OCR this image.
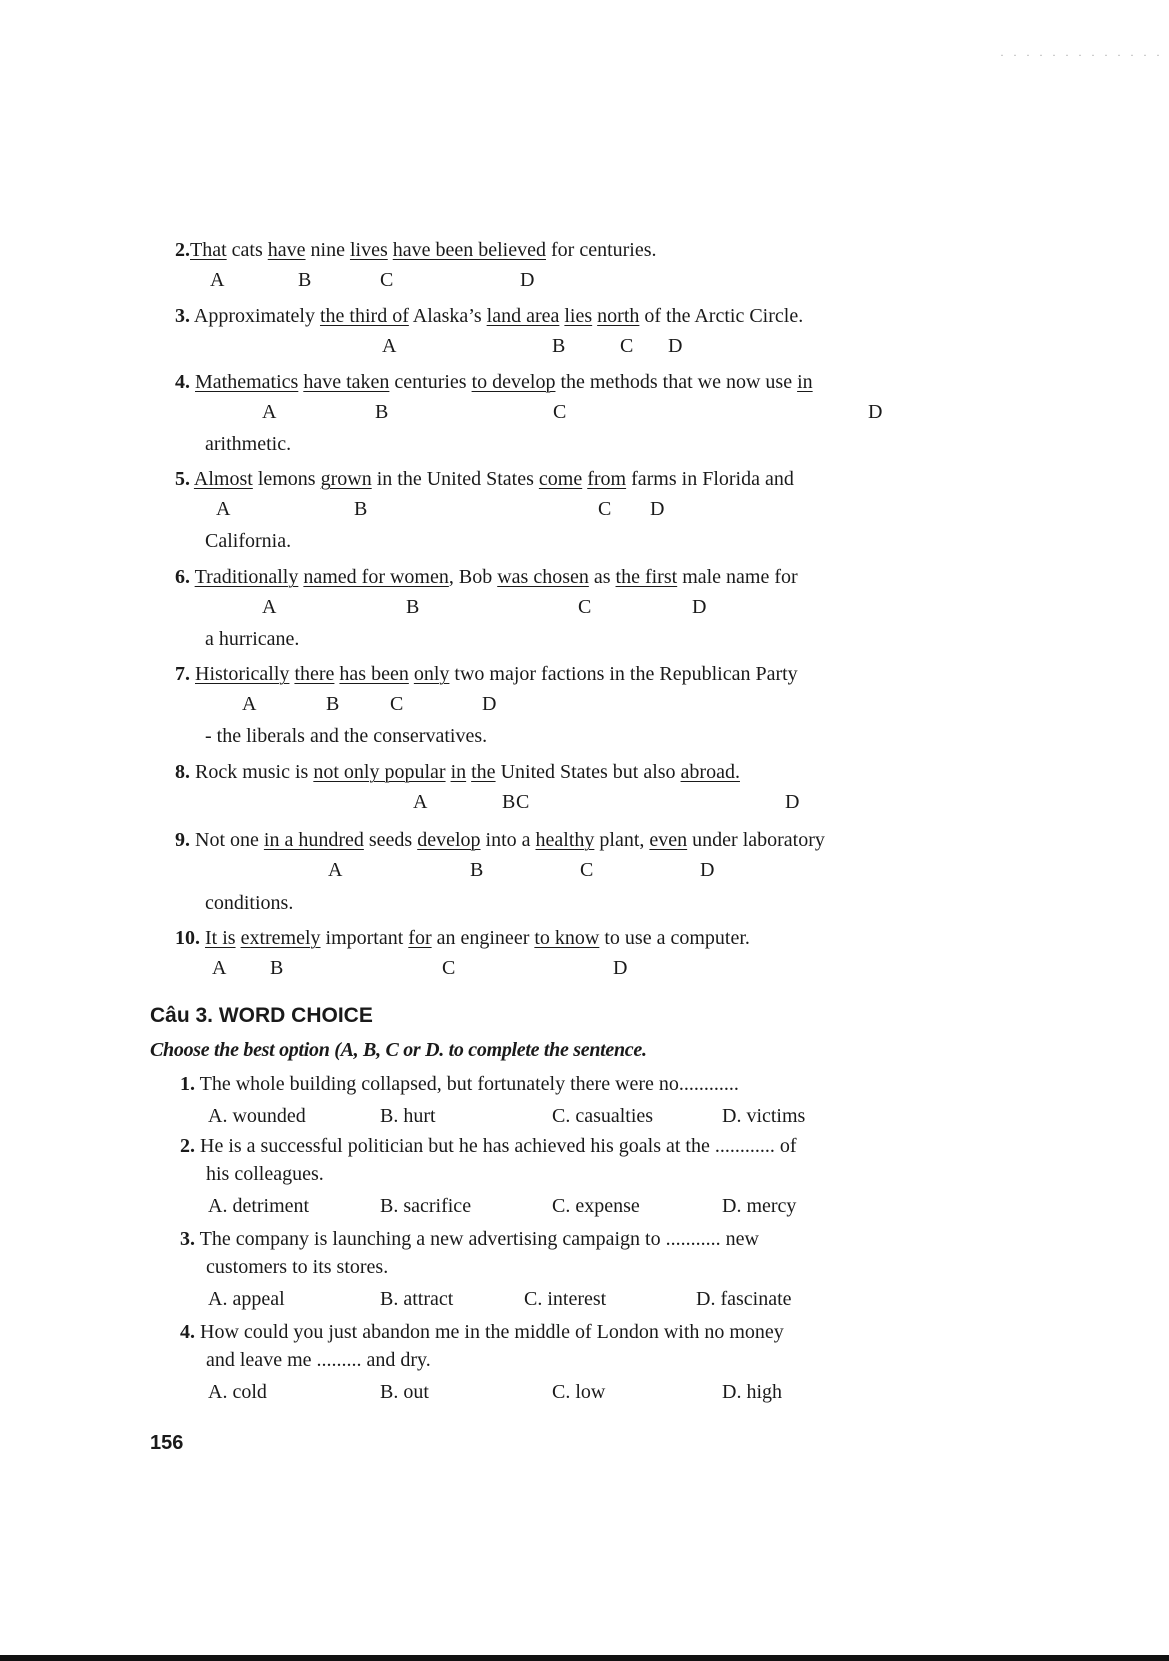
2.That cats have nine lives have been believed for centuries.
A	B	C	D
3. Approximately the third of Alaska’s land area lies north of the Arctic Circle.
A	B	C D
4. Mathematics have taken centuries to develop the methods that we now use in
A	B	C	D
arithmetic.
5. Almost lemons grown in the United States come from farms in Florida and
A	B	C D
California.
6. Traditionally named for women, Bob was chosen as the first male name for
A	B	C	D
a hurricane.
7. Historically there has been only two major factions in the Republican Party
A	B	C	D
- the liberals and the conservatives.
8. Rock music is not only popular in the United States but also abroad.
A	B C	D
9. Not one in a hundred seeds develop into a healthy plant, even under laboratory
A	B	C	D
conditions.
10. It is extremely important for an engineer to know to use a computer.
A B	C	D
Câu 3. WORD CHOICE
Choose the best option (A, B, C or D. to complete the sentence.
1. The whole building collapsed, but fortunately there were no............
A. wounded	B. hurt	C. casualties	D. victims
2. He is a successful politician but he has achieved his goals at the ............ of
his colleagues.
A. detriment	B. sacrifice	C. expense	D. mercy
3. The company is launching a new advertising campaign to ........... new
customers to its stores.
A. appeal	B. attract	C. interest	D. fascinate
4. How could you just abandon me in the middle of London with no money
and leave me ......... and dry.
A. cold	B. out	C. low	D. high
156
· · · · · · · · · · · · ·
